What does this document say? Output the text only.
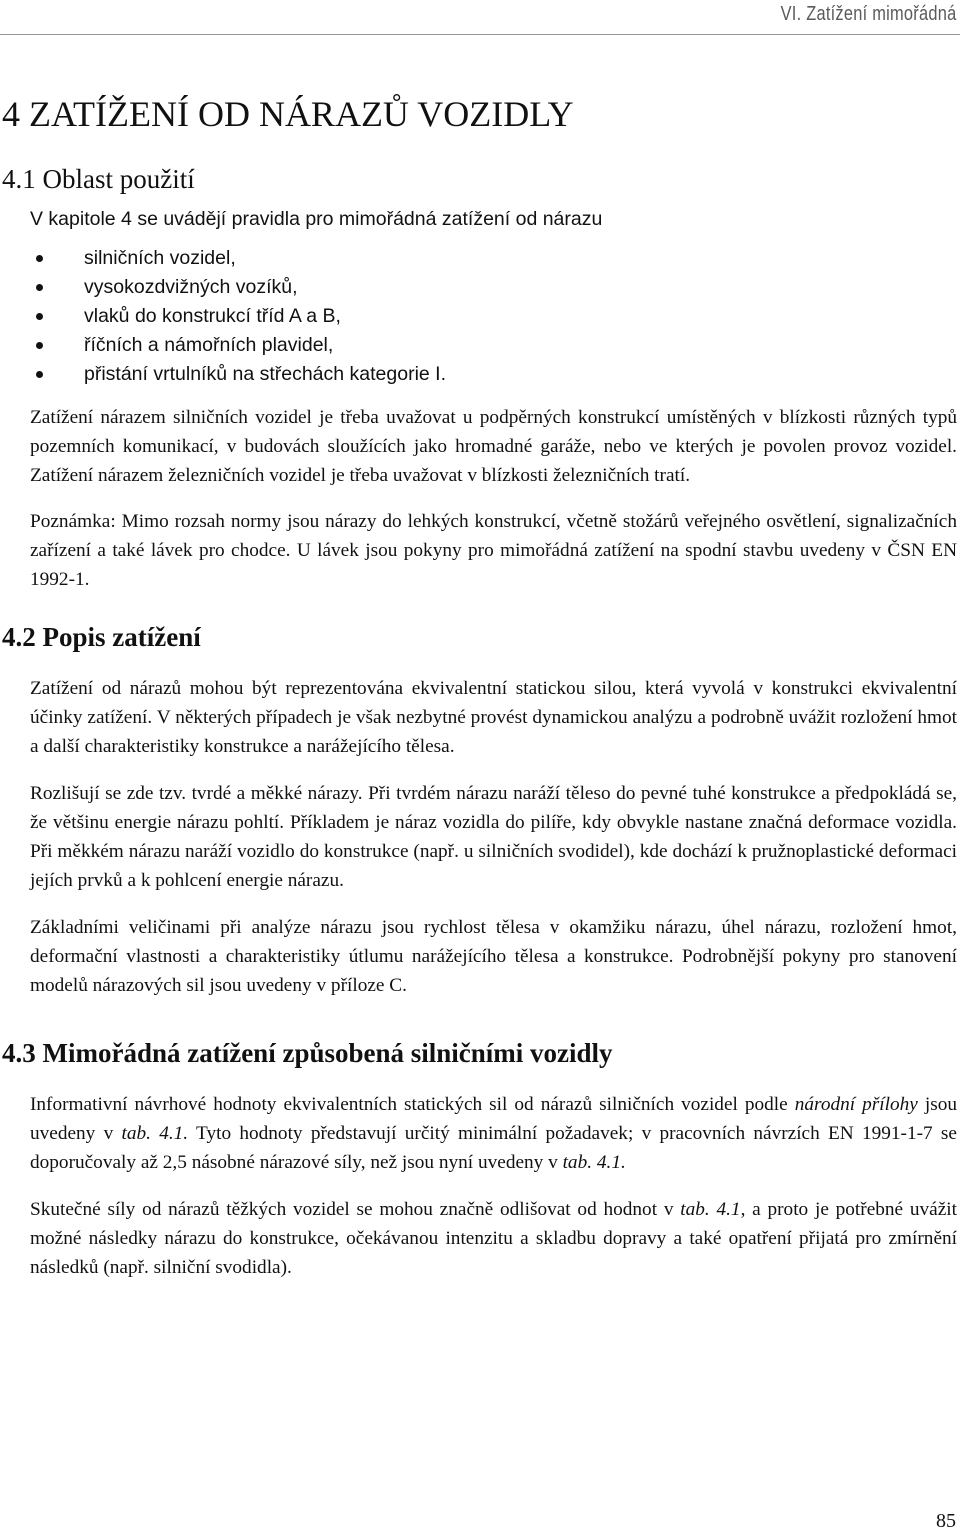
VI. Zatížení mimořádná
4 ZATÍŽENÍ OD NÁRAZŮ VOZIDLY
4.1 Oblast použití
V kapitole 4 se uvádějí pravidla pro mimořádná zatížení od nárazu
silničních vozidel,
vysokozdvižných vozíků,
vlaků do konstrukcí tříd A a B,
říčních a námořních plavidel,
přistání vrtulníků na střechách kategorie I.

Zatížení nárazem silničních vozidel je třeba uvažovat u podpěrných konstrukcí umístěných v blízkosti různých typů pozemních komunikací, v budovách sloužících jako hromadné garáže, nebo ve kterých je povolen provoz vozidel. Zatížení nárazem železničních vozidel je třeba uvažovat v blízkosti železničních tratí.

Poznámka: Mimo rozsah normy jsou nárazy do lehkých konstrukcí, včetně stožárů veřejného osvětlení, signalizačních zařízení a také lávek pro chodce. U lávek jsou pokyny pro mimořádná zatížení na spodní stavbu uvedeny v ČSN EN 1992-1.

4.2 Popis zatížení

Zatížení od nárazů mohou být reprezentována ekvivalentní statickou silou, která vyvolá v konstrukci ekvivalentní účinky zatížení. V některých případech je však nezbytné provést dynamickou analýzu a podrobně uvážit rozložení hmot a další charakteristiky konstrukce a narážejícího tělesa.

Rozlišují se zde tzv. tvrdé a měkké nárazy. Při tvrdém nárazu naráží těleso do pevné tuhé konstrukce a předpokládá se, že většinu energie nárazu pohltí. Příkladem je náraz vozidla do pilíře, kdy obvykle nastane značná deformace vozidla. Při měkkém nárazu naráží vozidlo do konstrukce (např. u silničních svodidel), kde dochází k pružnoplastické deformaci jejích prvků a k pohlcení energie nárazu.

Základními veličinami při analýze nárazu jsou rychlost tělesa v okamžiku nárazu, úhel nárazu, rozložení hmot, deformační vlastnosti a charakteristiky útlumu narážejícího tělesa a konstrukce. Podrobnější pokyny pro stanovení modelů nárazových sil jsou uvedeny v příloze C.

4.3 Mimořádná zatížení způsobená silničními vozidly

Informativní návrhové hodnoty ekvivalentních statických sil od nárazů silničních vozidel podle národní přílohy jsou uvedeny v tab. 4.1. Tyto hodnoty představují určitý minimální požadavek; v pracovních návrzích EN 1991-1-7 se doporučovaly až 2,5 násobné nárazové síly, než jsou nyní uvedeny v tab. 4.1.

Skutečné síly od nárazů těžkých vozidel se mohou značně odlišovat od hodnot v tab. 4.1, a proto je potřebné uvážit možné následky nárazu do konstrukce, očekávanou intenzitu a skladbu dopravy a také opatření přijatá pro zmírnění následků (např. silniční svodidla).

85
